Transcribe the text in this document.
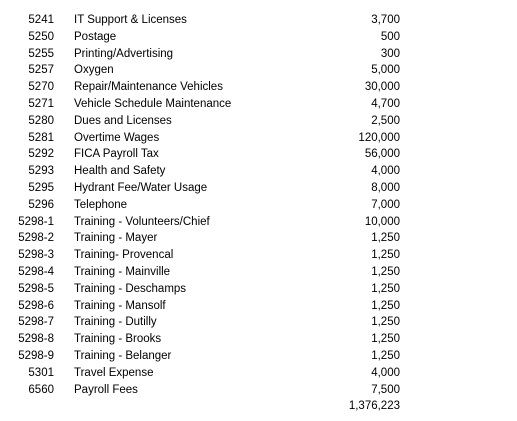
5241 IT Support & Licenses	3,700
5250 Postage	500
5255 Printing/Advertising	300
5257 Oxygen	5,000
5270 Repair/Maintenance Vehicles	30,000
5271 Vehicle Schedule Maintenance	4,700
5280 Dues and Licenses	2,500
5281 Overtime Wages	120,000
5292 FICA Payroll Tax	56,000
5293 Health and Safety	4,000
5295 Hydrant Fee/Water Usage	8,000
5296 Telephone	7,000
5298-1 Training - Volunteers/Chief	10,000
5298-2 Training - Mayer	1,250
5298-3 Training- Provencal	1,250
5298-4 Training - Mainville	1,250
5298-5 Training - Deschamps	1,250
5298-6 Training - Mansolf	1,250
5298-7 Training - Dutilly	1,250
5298-8 Training - Brooks	1,250
5298-9 Training - Belanger	1,250
5301 Travel Expense	4,000
6560 Payroll Fees	7,500
1,376,223
